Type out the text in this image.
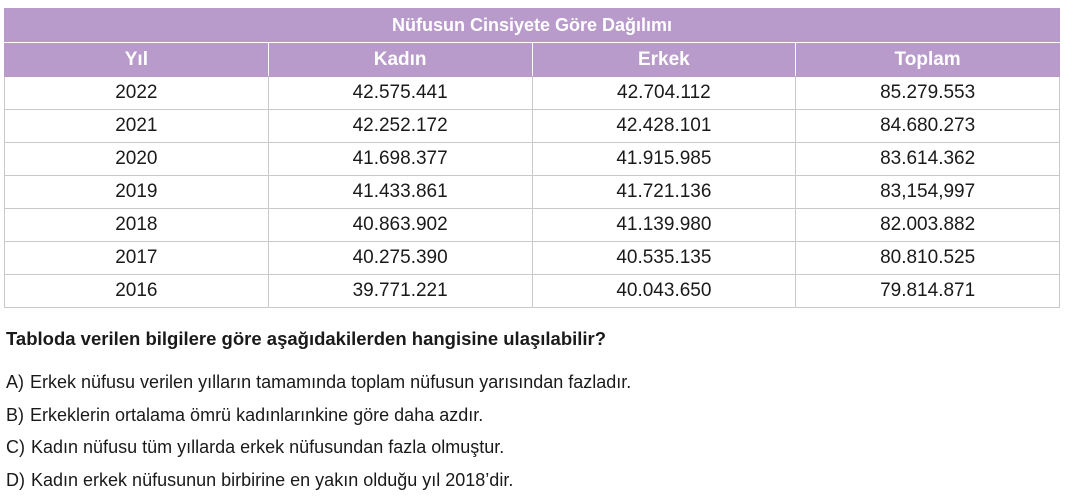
Nüfusun Cinsiyete Göre Dağılımı			
Yıl	Kadın	Erkek	Toplam
2022	42.575.441	42.704.112	85.279.553
2021	42.252.172	42.428.101	84.680.273
2020	41.698.377	41.915.985	83.614.362
2019	41.433.861	41.721.136	83,154,997
2018	40.863.902	41.139.980	82.003.882
2017	40.275.390	40.535.135	80.810.525
2016	39.771.221	40.043.650	79.814.871
Tabloda verilen bilgilere göre aşağıdakilerden hangisine ulaşılabilir?
A) Erkek nüfusu verilen yılların tamamında toplam nüfusun yarısından fazladır.
B) Erkeklerin ortalama ömrü kadınlarınkine göre daha azdır.
C) Kadın nüfusu tüm yıllarda erkek nüfusundan fazla olmuştur.
D) Kadın erkek nüfusunun birbirine en yakın olduğu yıl 2018’dir.
